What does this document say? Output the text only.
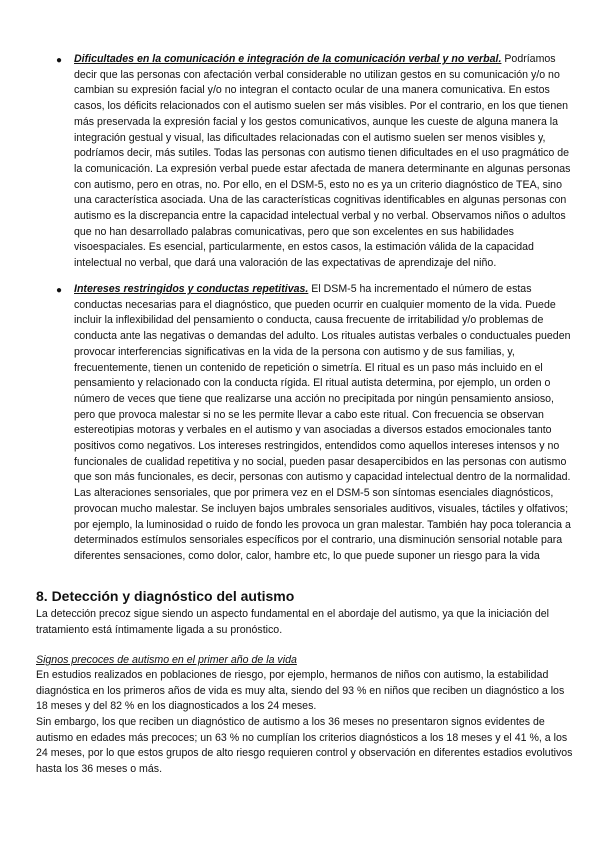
● Dificultades en la comunicación e integración de la comunicación verbal y no verbal. Podríamos decir que las personas con afectación verbal considerable no utilizan gestos en su comunicación y/o no cambian su expresión facial y/o no integran el contacto ocular de una manera comunicativa. En estos casos, los déficits relacionados con el autismo suelen ser más visibles. Por el contrario, en los que tienen más preservada la expresión facial y los gestos comunicativos, aunque les cueste de alguna manera la integración gestual y visual, las dificultades relacionadas con el autismo suelen ser menos visibles y, podríamos decir, más sutiles. Todas las personas con autismo tienen dificultades en el uso pragmático de la comunicación. La expresión verbal puede estar afectada de manera determinante en algunas personas con autismo, pero en otras, no. Por ello, en el DSM-5, esto no es ya un criterio diagnóstico de TEA, sino una característica asociada. Una de las características cognitivas identificables en algunas personas con autismo es la discrepancia entre la capacidad intelectual verbal y no verbal. Observamos niños o adultos que no han desarrollado palabras comunicativas, pero que son excelentes en sus habilidades visoespaciales. Es esencial, particularmente, en estos casos, la estimación válida de la capacidad intelectual no verbal, que dará una valoración de las expectativas de aprendizaje del niño.
● Intereses restringidos y conductas repetitivas. El DSM-5 ha incrementado el número de estas conductas necesarias para el diagnóstico, que pueden ocurrir en cualquier momento de la vida. Puede incluir la inflexibilidad del pensamiento o conducta, causa frecuente de irritabilidad y/o problemas de conducta ante las negativas o demandas del adulto. Los rituales autistas verbales o conductuales pueden provocar interferencias significativas en la vida de la persona con autismo y de sus familias, y, frecuentemente, tienen un contenido de repetición o simetría. El ritual es un paso más incluido en el pensamiento y relacionado con la conducta rígida. El ritual autista determina, por ejemplo, un orden o número de veces que tiene que realizarse una acción no precipitada por ningún pensamiento ansioso, pero que provoca malestar si no se les permite llevar a cabo este ritual. Con frecuencia se observan estereotipias motoras y verbales en el autismo y van asociadas a diversos estados emocionales tanto positivos como negativos. Los intereses restringidos, entendidos como aquellos intereses intensos y no funcionales de cualidad repetitiva y no social, pueden pasar desapercibidos en las personas con autismo que son más funcionales, es decir, personas con autismo y capacidad intelectual dentro de la normalidad. Las alteraciones sensoriales, que por primera vez en el DSM-5 son síntomas esenciales diagnósticos, provocan mucho malestar. Se incluyen bajos umbrales sensoriales auditivos, visuales, táctiles y olfativos; por ejemplo, la luminosidad o ruido de fondo les provoca un gran malestar. También hay poca tolerancia a determinados estímulos sensoriales específicos por el contrario, una disminución sensorial notable para diferentes sensaciones, como dolor, calor, hambre etc, lo que puede suponer un riesgo para la vida
8. Detección y diagnóstico del autismo

La detección precoz sigue siendo un aspecto fundamental en el abordaje del autismo, ya que la iniciación del tratamiento está íntimamente ligada a su pronóstico.

Signos precoces de autismo en el primer año de la vida

En estudios realizados en poblaciones de riesgo, por ejemplo, hermanos de niños con autismo, la estabilidad diagnóstica en los primeros años de vida es muy alta, siendo del 93 % en niños que reciben un diagnóstico a los 18 meses y del 82 % en los diagnosticados a los 24 meses.

Sin embargo, los que reciben un diagnóstico de autismo a los 36 meses no presentaron signos evidentes de autismo en edades más precoces; un 63 % no cumplían los criterios diagnósticos a los 18 meses y el 41 %, a los 24 meses, por lo que estos grupos de alto riesgo requieren control y observación en diferentes estadios evolutivos hasta los 36 meses o más.
